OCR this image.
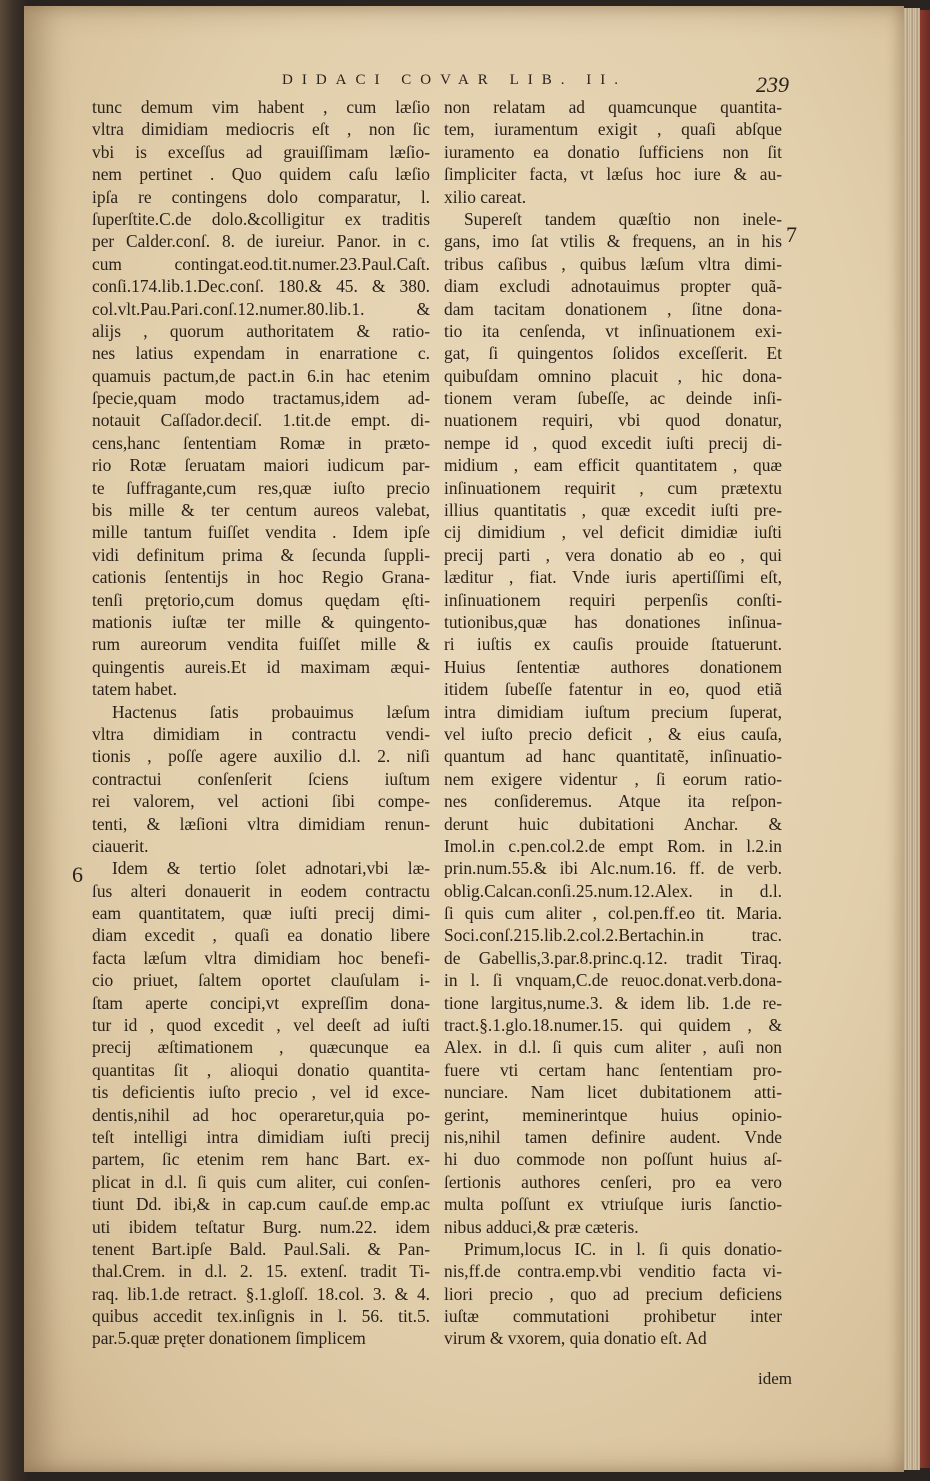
DIDACI COVAR LIB. II.	239
7
6
tunc demum vim habent , cum læſio
vltra dimidiam mediocris eſt , non ſic
vbi is exceſſus ad grauiſſimam læſio-
nem pertinet . Quo quidem caſu læſio
ipſa re contingens dolo comparatur, l.
ſuperſtite.C.de dolo.&colligitur ex traditis
per Calder.conſ. 8. de iureiur. Panor. in c.
cum contingat.eod.tit.numer.23.Paul.Caſt.
conſi.174.lib.1.Dec.conſ. 180.& 45. & 380.
col.vlt.Pau.Pari.conſ.12.numer.80.lib.1. &
alijs , quorum authoritatem & ratio-
nes latius expendam in enarratione c.
quamuis pactum,de pact.in 6.in hac etenim
ſpecie,quam modo tractamus,idem ad-
notauit Caſſador.deciſ. 1.tit.de empt. di-
cens,hanc ſententiam Romæ in præto-
rio Rotæ ſeruatam maiori iudicum par-
te ſuffragante,cum res,quæ iuſto precio
bis mille & ter centum aureos valebat,
mille tantum fuiſſet vendita . Idem ipſe
vidi definitum prima & ſecunda ſuppli-
cationis ſententijs in hoc Regio Grana-
tenſi prętorio,cum domus quędam ęſti-
mationis iuſtæ ter mille & quingento-
rum aureorum vendita fuiſſet mille &
quingentis aureis.Et id maximam æqui-
tatem habet.
Hactenus ſatis probauimus læſum
vltra dimidiam in contractu vendi-
tionis , poſſe agere auxilio d.l. 2. niſi
contractui conſenſerit ſciens iuſtum
rei valorem, vel actioni ſibi compe-
tenti, & læſioni vltra dimidiam renun-
ciauerit.
Idem & tertio ſolet adnotari,vbi læ-
ſus alteri donauerit in eodem contractu
eam quantitatem, quæ iuſti precij dimi-
diam excedit , quaſi ea donatio libere
facta læſum vltra dimidiam hoc benefi-
cio priuet, ſaltem oportet clauſulam i-
ſtam aperte concipi,vt expreſſim dona-
tur id , quod excedit , vel deeſt ad iuſti
precij æſtimationem , quæcunque ea
quantitas ſit , alioqui donatio quantita-
tis deficientis iuſto precio , vel id exce-
dentis,nihil ad hoc operaretur,quia po-
teſt intelligi intra dimidiam iuſti precij
partem, ſic etenim rem hanc Bart. ex-
plicat in d.l. ſi quis cum aliter, cui conſen-
tiunt Dd. ibi,& in cap.cum cauſ.de emp.ac
uti ibidem teſtatur Burg. num.22. idem
tenent Bart.ipſe Bald. Paul.Sali. & Pan-
thal.Crem. in d.l. 2. 15. extenſ. tradit Ti-
raq. lib.1.de retract. §.1.gloſſ. 18.col. 3. & 4.
quibus accedit tex.inſignis in l. 56. tit.5.
par.5.quæ pręter donationem ſimplicem
non relatam ad quamcunque quantita-
tem, iuramentum exigit , quaſi abſque
iuramento ea donatio ſufficiens non ſit
ſimpliciter facta, vt læſus hoc iure & au-
xilio careat.
Supereſt tandem quæſtio non inele-
gans, imo ſat vtilis & frequens, an in his
tribus caſibus , quibus læſum vltra dimi-
diam excludi adnotauimus propter quã-
dam tacitam donationem , ſitne dona-
tio ita cenſenda, vt inſinuationem exi-
gat, ſi quingentos ſolidos exceſſerit. Et
quibuſdam omnino placuit , hic dona-
tionem veram ſubeſſe, ac deinde inſi-
nuationem requiri, vbi quod donatur,
nempe id , quod excedit iuſti precij di-
midium , eam efficit quantitatem , quæ
inſinuationem requirit , cum prætextu
illius quantitatis , quæ excedit iuſti pre-
cij dimidium , vel deficit dimidiæ iuſti
precij parti , vera donatio ab eo , qui
læditur , fiat. Vnde iuris apertiſſimi eſt,
inſinuationem requiri perpenſis conſti-
tutionibus,quæ has donationes inſinua-
ri iuſtis ex cauſis prouide ſtatuerunt.
Huius ſententiæ authores donationem
itidem ſubeſſe fatentur in eo, quod etiã
intra dimidiam iuſtum precium ſuperat,
vel iuſto precio deficit , & eius cauſa,
quantum ad hanc quantitatẽ, inſinuatio-
nem exigere videntur , ſi eorum ratio-
nes conſideremus. Atque ita reſpon-
derunt huic dubitationi Anchar. &
Imol.in c.pen.col.2.de empt Rom. in l.2.in
prin.num.55.& ibi Alc.num.16. ff. de verb.
oblig.Calcan.conſi.25.num.12.Alex. in d.l.
ſi quis cum aliter , col.pen.ff.eo tit. Maria.
Soci.conſ.215.lib.2.col.2.Bertachin.in trac.
de Gabellis,3.par.8.princ.q.12. tradit Tiraq.
in l. ſi vnquam,C.de reuoc.donat.verb.dona-
tione largitus,nume.3. & idem lib. 1.de re-
tract.§.1.glo.18.numer.15. qui quidem , &
Alex. in d.l. ſi quis cum aliter , auſi non
fuere vti certam hanc ſententiam pro-
nunciare. Nam licet dubitationem atti-
gerint, meminerintque huius opinio-
nis,nihil tamen definire audent. Vnde
hi duo commode non poſſunt huius aſ-
ſertionis authores cenſeri, pro ea vero
multa poſſunt ex vtriuſque iuris ſanctio-
nibus adduci,& præ cæteris.
Primum,locus IC. in l. ſi quis donatio-
nis,ff.de contra.emp.vbi venditio facta vi-
liori precio , quo ad precium deficiens
iuſtæ commutationi prohibetur inter
virum & vxorem, quia donatio eſt. Ad
idem
